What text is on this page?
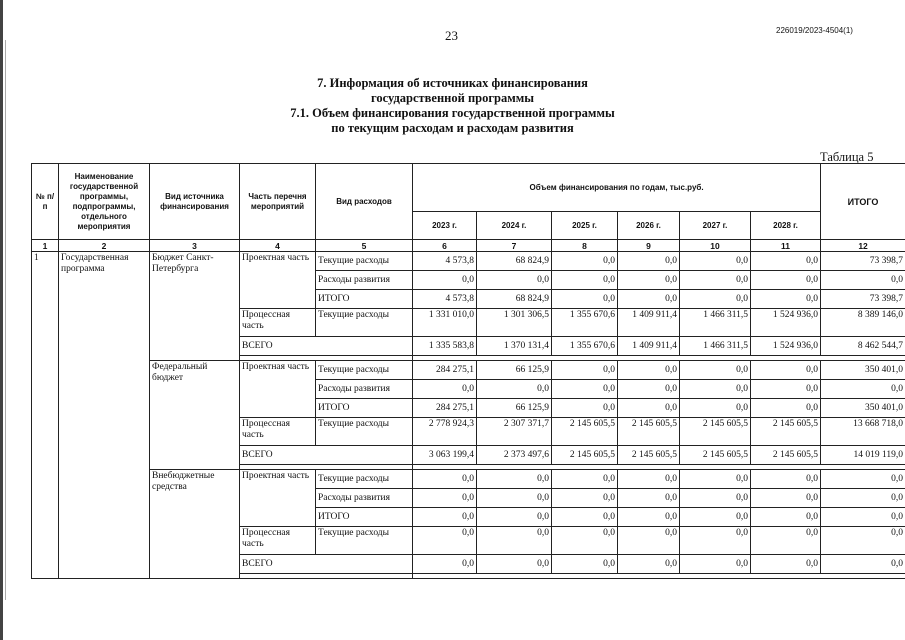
23	226019/2023-4504(1)
7. Информация об источниках финансирования
государственной программы
7.1. Объем финансирования государственной программы
по текущим расходам и расходам развития
Таблица 5
№ п/п	Наименование государственной программы, подпрограммы, отдельного мероприятия	Вид источника финансирования	Часть перечня мероприятий	Вид расходов	Объем финансирования по годам, тыс.руб.						ИТОГО
					2023 г.	2024 г.	2025 г.	2026 г.	2027 г.	2028 г.	
1	2	3	4	5	6	7	8	9	10	11	12
1	Государственная программа	Бюджет Санкт-Петербурга	Проектная часть	Текущие расходы	4 573,8	68 824,9	0,0	0,0	0,0	0,0	73 398,7
				Расходы развития	0,0	0,0	0,0	0,0	0,0	0,0	0,0
				ИТОГО	4 573,8	68 824,9	0,0	0,0	0,0	0,0	73 398,7
			Процессная часть	Текущие расходы	1 331 010,0	1 301 306,5	1 355 670,6	1 409 911,4	1 466 311,5	1 524 936,0	8 389 146,0
			ВСЕГО		1 335 583,8	1 370 131,4	1 355 670,6	1 409 911,4	1 466 311,5	1 524 936,0	8 462 544,7

		Федеральный бюджет	Проектная часть	Текущие расходы	284 275,1	66 125,9	0,0	0,0	0,0	0,0	350 401,0
				Расходы развития	0,0	0,0	0,0	0,0	0,0	0,0	0,0
				ИТОГО	284 275,1	66 125,9	0,0	0,0	0,0	0,0	350 401,0
			Процессная часть	Текущие расходы	2 778 924,3	2 307 371,7	2 145 605,5	2 145 605,5	2 145 605,5	2 145 605,5	13 668 718,0
			ВСЕГО		3 063 199,4	2 373 497,6	2 145 605,5	2 145 605,5	2 145 605,5	2 145 605,5	14 019 119,0

		Внебюджетные средства	Проектная часть	Текущие расходы	0,0	0,0	0,0	0,0	0,0	0,0	0,0
				Расходы развития	0,0	0,0	0,0	0,0	0,0	0,0	0,0
				ИТОГО	0,0	0,0	0,0	0,0	0,0	0,0	0,0
			Процессная часть	Текущие расходы	0,0	0,0	0,0	0,0	0,0	0,0	0,0
			ВСЕГО		0,0	0,0	0,0	0,0	0,0	0,0	0,0
